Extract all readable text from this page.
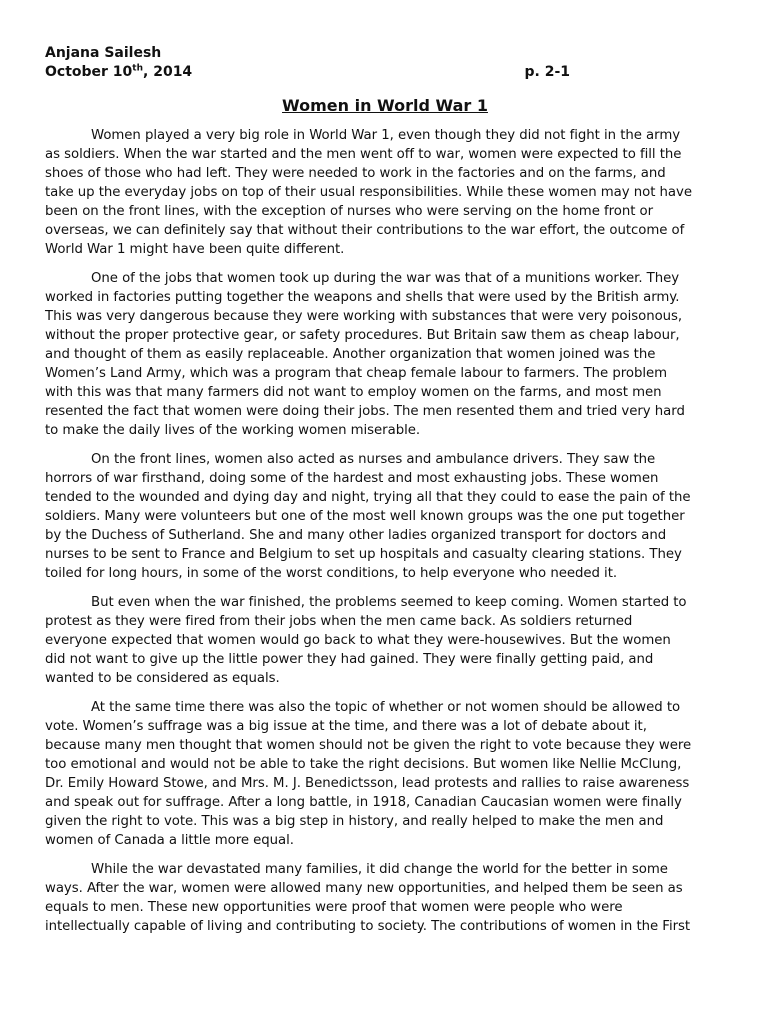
Anjana Sailesh
October 10th, 2014	p. 2-1
Women in World War 1
Women played a very big role in World War 1, even though they did not fight in the army
as soldiers. When the war started and the men went off to war, women were expected to fill the
shoes of those who had left. They were needed to work in the factories and on the farms, and
take up the everyday jobs on top of their usual responsibilities. While these women may not have
been on the front lines, with the exception of nurses who were serving on the home front or
overseas, we can definitely say that without their contributions to the war effort, the outcome of
World War 1 might have been quite different.
One of the jobs that women took up during the war was that of a munitions worker. They
worked in factories putting together the weapons and shells that were used by the British army.
This was very dangerous because they were working with substances that were very poisonous,
without the proper protective gear, or safety procedures. But Britain saw them as cheap labour,
and thought of them as easily replaceable. Another organization that women joined was the
Women’s Land Army, which was a program that cheap female labour to farmers. The problem
with this was that many farmers did not want to employ women on the farms, and most men
resented the fact that women were doing their jobs. The men resented them and tried very hard
to make the daily lives of the working women miserable.
On the front lines, women also acted as nurses and ambulance drivers. They saw the
horrors of war firsthand, doing some of the hardest and most exhausting jobs. These women
tended to the wounded and dying day and night, trying all that they could to ease the pain of the
soldiers. Many were volunteers but one of the most well known groups was the one put together
by the Duchess of Sutherland. She and many other ladies organized transport for doctors and
nurses to be sent to France and Belgium to set up hospitals and casualty clearing stations. They
toiled for long hours, in some of the worst conditions, to help everyone who needed it.
But even when the war finished, the problems seemed to keep coming. Women started to
protest as they were fired from their jobs when the men came back. As soldiers returned
everyone expected that women would go back to what they were-housewives. But the women
did not want to give up the little power they had gained. They were finally getting paid, and
wanted to be considered as equals.
At the same time there was also the topic of whether or not women should be allowed to
vote. Women’s suffrage was a big issue at the time, and there was a lot of debate about it,
because many men thought that women should not be given the right to vote because they were
too emotional and would not be able to take the right decisions. But women like Nellie McClung,
Dr. Emily Howard Stowe, and Mrs. M. J. Benedictsson, lead protests and rallies to raise awareness
and speak out for suffrage. After a long battle, in 1918, Canadian Caucasian women were finally
given the right to vote. This was a big step in history, and really helped to make the men and
women of Canada a little more equal.
While the war devastated many families, it did change the world for the better in some
ways. After the war, women were allowed many new opportunities, and helped them be seen as
equals to men. These new opportunities were proof that women were people who were
intellectually capable of living and contributing to society. The contributions of women in the First
